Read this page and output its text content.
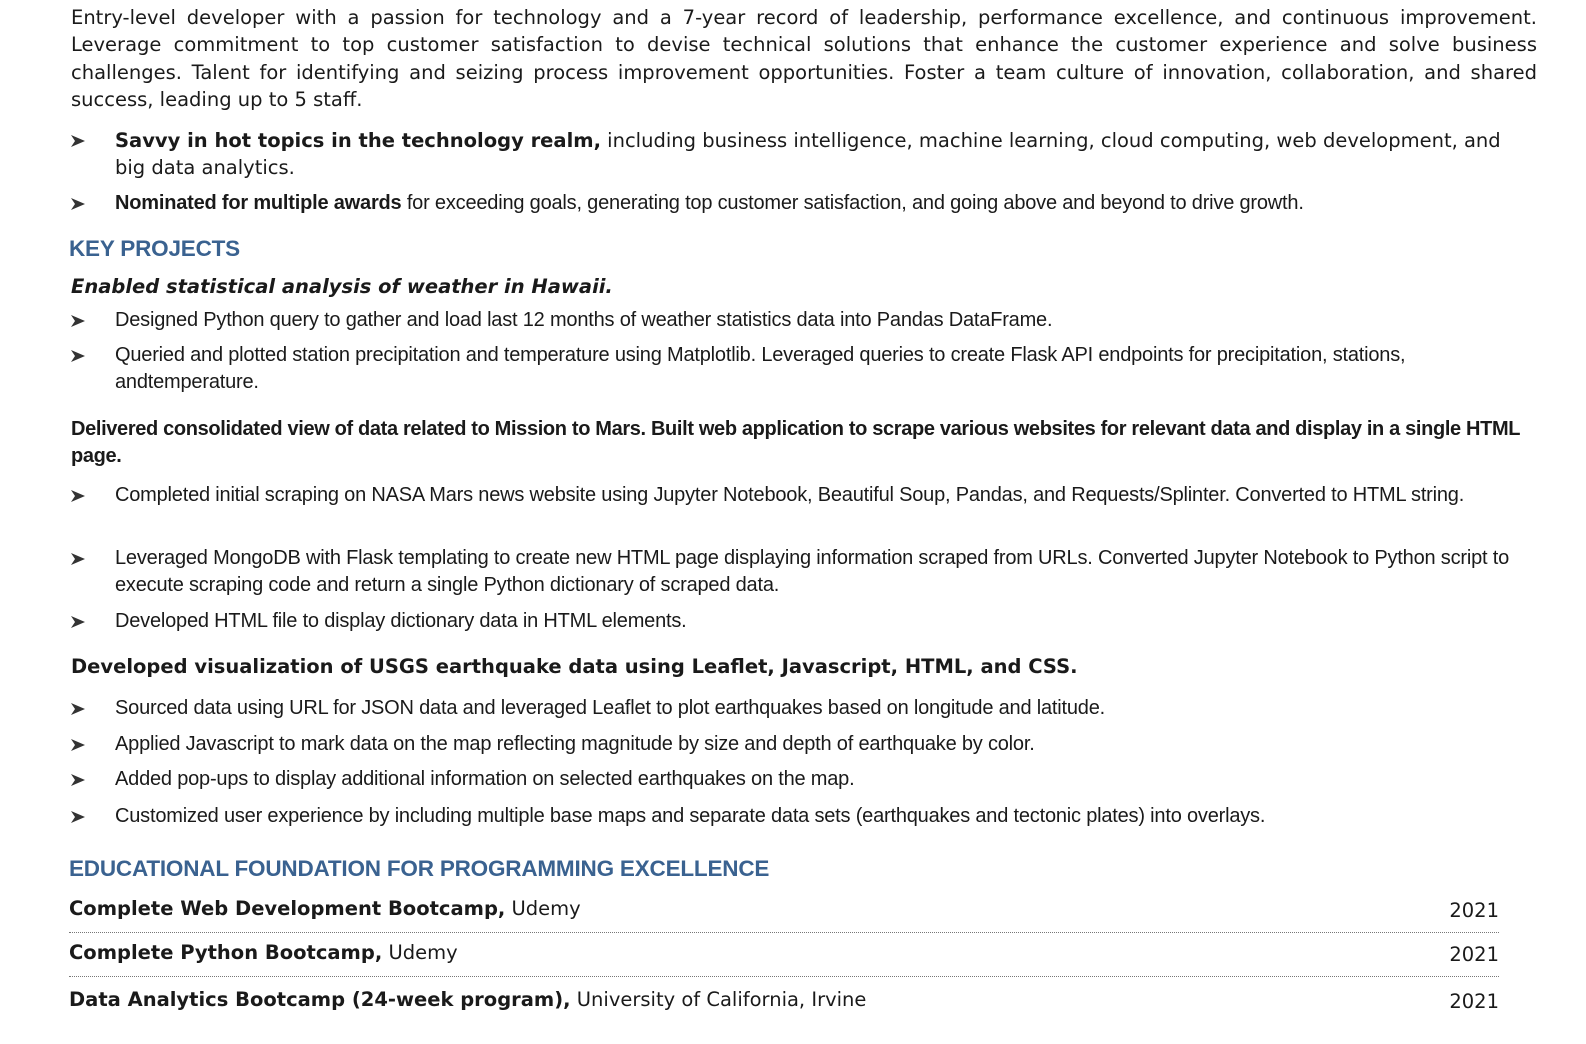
Entry-level developer with a passion for technology and a 7-year record of leadership, performance excellence, and continuous improvement. Leverage commitment to top customer satisfaction to devise technical solutions that enhance the customer experience and solve business challenges. Talent for identifying and seizing process improvement opportunities. Foster a team culture of innovation, collaboration, and shared success, leading up to 5 staff.

Savvy in hot topics in the technology realm, including business intelligence, machine learning, cloud computing, web development, and big data analytics.
Nominated for multiple awards for exceeding goals, generating top customer satisfaction, and going above and beyond to drive growth.
KEY PROJECTS

Enabled statistical analysis of weather in Hawaii.

Designed Python query to gather and load last 12 months of weather statistics data into Pandas DataFrame.
Queried and plotted station precipitation and temperature using Matplotlib. Leveraged queries to create Flask API endpoints for precipitation, stations, andtemperature.

Delivered consolidated view of data related to Mission to Mars. Built web application to scrape various websites for relevant data and display in a single HTML page.

Completed initial scraping on NASA Mars news website using Jupyter Notebook, Beautiful Soup, Pandas, and Requests/Splinter. Converted to HTML string.
Leveraged MongoDB with Flask templating to create new HTML page displaying information scraped from URLs. Converted Jupyter Notebook to Python script to execute scraping code and return a single Python dictionary of scraped data.
Developed HTML file to display dictionary data in HTML elements.

Developed visualization of USGS earthquake data using Leaflet, Javascript, HTML, and CSS.

Sourced data using URL for JSON data and leveraged Leaflet to plot earthquakes based on longitude and latitude.
Applied Javascript to mark data on the map reflecting magnitude by size and depth of earthquake by color.
Added pop-ups to display additional information on selected earthquakes on the map.
Customized user experience by including multiple base maps and separate data sets (earthquakes and tectonic plates) into overlays.
EDUCATIONAL FOUNDATION FOR PROGRAMMING EXCELLENCE
Complete Web Development Bootcamp, Udemy	2021
Complete Python Bootcamp, Udemy	2021
Data Analytics Bootcamp (24-week program), University of California, Irvine	2021
